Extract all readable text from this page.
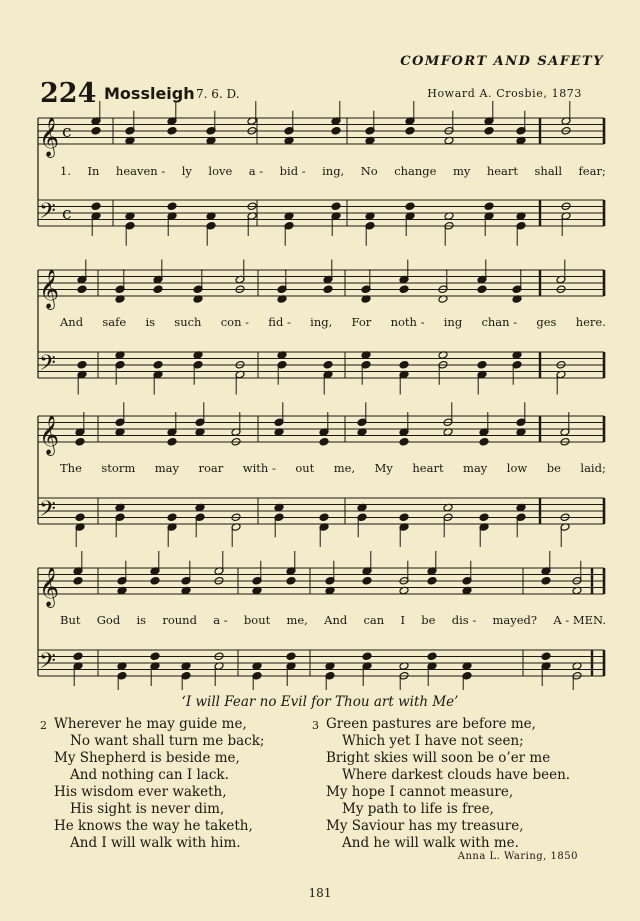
COMFORT AND SAFETY
224 Mossleigh 7. 6. D.	Howard A. Crosbie, 1873
𝄞 c
𝄢 c
𝄞
𝄢
𝄞
𝄢
𝄞
𝄢
1. In heaven - ly love a - bid - ing, No change my heart shall fear;
And safe is such con - fid - ing, For noth - ing chan - ges here.
The storm may roar with - out me, My heart may low be laid;
But God is round a - bout me, And can I be dis - mayed? A - MEN.
‘I will Fear no Evil for Thou art with Me’
2 Wherever he may guide me,
No want shall turn me back;
My Shepherd is beside me,
And nothing can I lack.
His wisdom ever waketh,
His sight is never dim,
He knows the way he taketh,
And I will walk with him.
3 Green pastures are before me,
Which yet I have not seen;
Bright skies will soon be o’er me
Where darkest clouds have been.
My hope I cannot measure,
My path to life is free,
My Saviour has my treasure,
And he will walk with me.
Anna L. Waring, 1850
181
